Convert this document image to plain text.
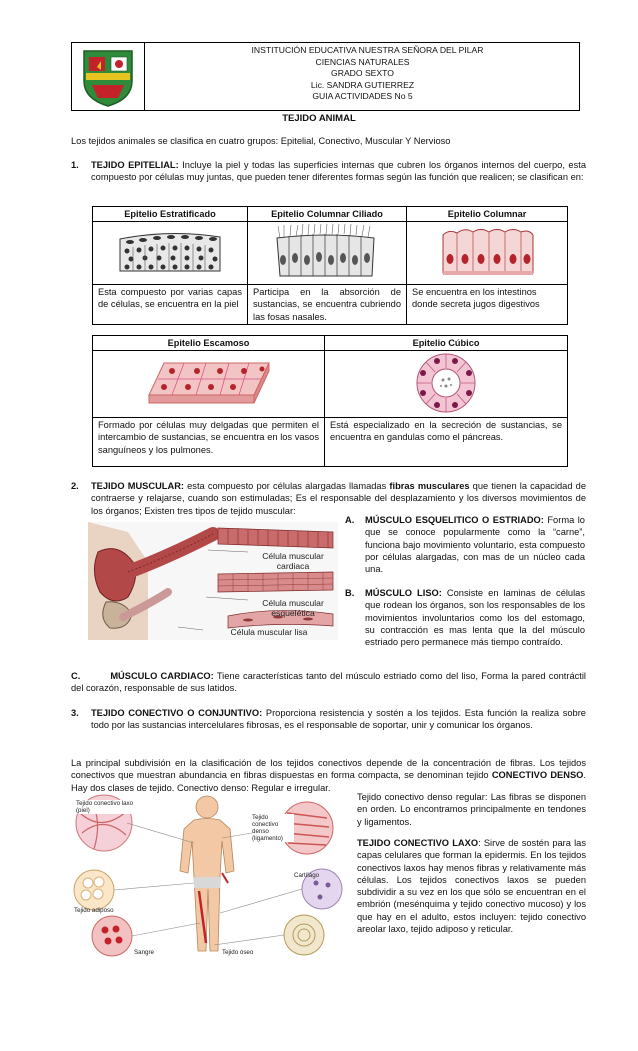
INSTITUCIÓN EDUCATIVA NUESTRA SEÑORA DEL PILAR
CIENCIAS NATURALES
GRADO SEXTO
Lic. SANDRA GUTIERREZ
GUIA ACTIVIDADES No 5
TEJIDO ANIMAL
Los tejidos animales se clasifica en cuatro grupos: Epitelial, Conectivo, Muscular Y Nervioso
1. TEJIDO EPITELIAL: Incluye la piel y todas las superficies internas que cubren los órganos internos del cuerpo, esta compuesto por células muy juntas, que pueden tener diferentes formas según las función que realicen; se clasifican en:
Epitelio Estratificado	Epitelio Columnar Ciliado	Epitelio Columnar

Esta compuesto por varias capas de células, se encuentra en la piel	Participa en la absorción de sustancias, se encuentra cubriendo las fosas nasales.	Se encuentra en los intestinos donde secreta jugos digestivos
Epitelio Escamoso	Epitelio Cúbico

Formado por células muy delgadas que permiten el intercambio de sustancias, se encuentra en los vasos sanguíneos y los pulmones.	Está especializado en la secreción de sustancias, se encuentra en gandulas como el páncreas.
2. TEJIDO MUSCULAR: esta compuesto por células alargadas llamadas fibras musculares que tienen la capacidad de contraerse y relajarse, cuando son estimuladas; Es el responsable del desplazamiento y los diversos movimientos de los órganos; Existen tres tipos de tejido muscular:
Célula muscular cardiaca
Célula muscular esquelética
Célula muscular lisa
A. MÚSCULO ESQUELITICO O ESTRIADO: Forma lo que se conoce popularmente como la “carne”, funciona bajo movimiento voluntario, esta compuesto por células alargadas, con mas de un núcleo cada una.
B. MÚSCULO LISO: Consiste en laminas de células que rodean los órganos, son los responsables de los movimientos involuntarios como los del estomago, su contracción es mas lenta que la del músculo estriado pero permanece más tiempo contraído.
C.	MÚSCULO CARDIACO: Tiene características tanto del músculo estriado como del liso, Forma la pared contráctil del corazón, responsable de sus latidos.
3. TEJIDO CONECTIVO O CONJUNTIVO: Proporciona resistencia y sostén a los tejidos. Esta función la realiza sobre todo por las sustancias intercelulares fibrosas, es el responsable de soportar, unir y comunicar los órganos.
La principal subdivisión en la clasificación de los tejidos conectivos depende de la concentración de fibras. Los tejidos conectivos que muestran abundancia en fibras dispuestas en forma compacta, se denominan tejido CONECTIVO DENSO. Hay dos clases de tejido. Conectivo denso: Regular e irregular.
Tejido conectivo laxo (piel)
Tejido conectivo denso (ligamento)
Tejido adiposo
Cartílago
Sangre	Tejido óseo
Tejido conectivo denso regular: Las fibras se disponen en orden. Lo encontramos principalmente en tendones y ligamentos.
TEJIDO CONECTIVO LAXO: Sirve de sostén para las capas celulares que forman la epidermis. En los tejidos conectivos laxos hay menos fibras y relativamente más células. Los tejidos conectivos laxos se pueden subdividir a su vez en los que sólo se encuentran en el embrión (mesénquima y tejido conectivo mucoso) y los que hay en el adulto, estos incluyen: tejido conectivo areolar laxo, tejido adiposo y reticular.
